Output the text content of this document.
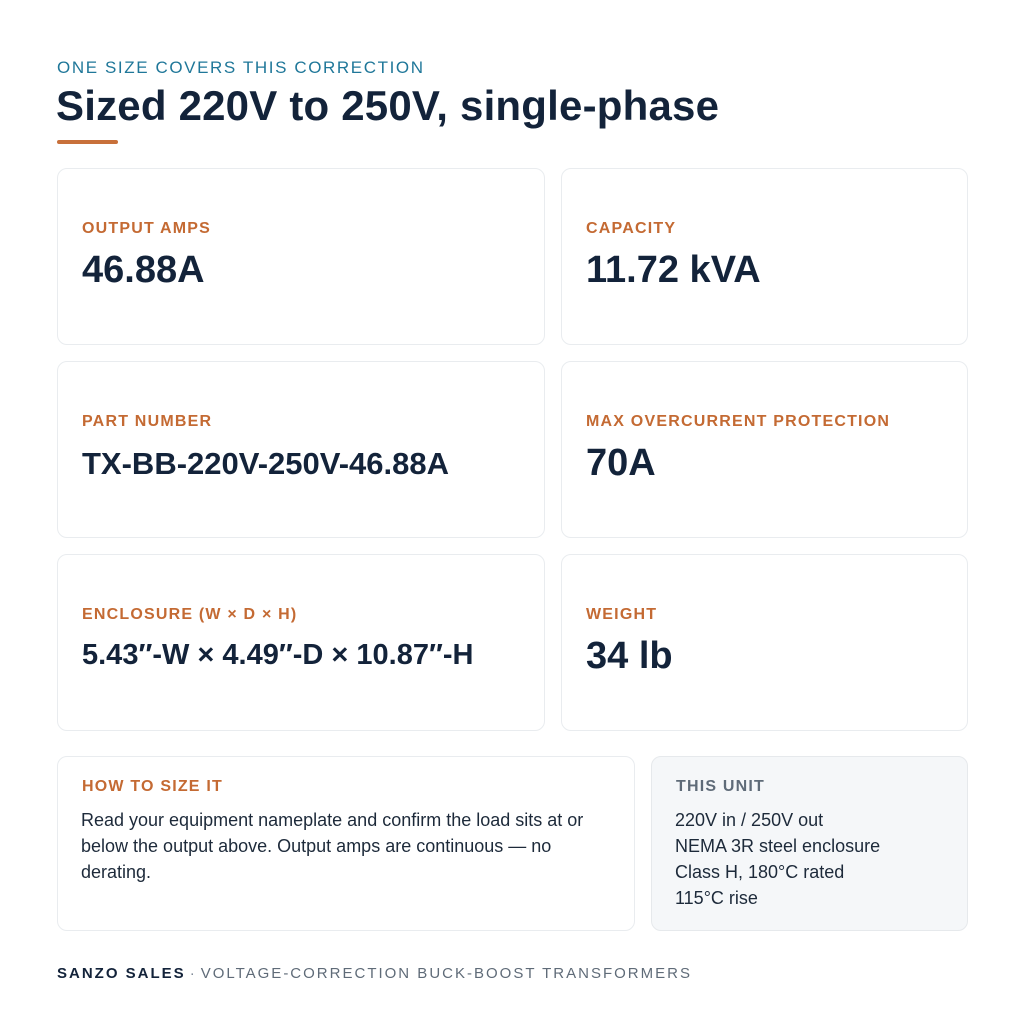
ONE SIZE COVERS THIS CORRECTION
Sized 220V to 250V, single-phase
OUTPUT AMPS
46.88A
CAPACITY
11.72 kVA
PART NUMBER
TX-BB-220V-250V-46.88A
MAX OVERCURRENT PROTECTION
70A
ENCLOSURE (W × D × H)
5.43″-W × 4.49″-D × 10.87″-H
WEIGHT
34 lb
HOW TO SIZE IT
Read your equipment nameplate and confirm the load sits at or below the output above. Output amps are continuous — no derating.
THIS UNIT
220V in / 250V out
NEMA 3R steel enclosure
Class H, 180°C rated
115°C rise
SANZO SALES · VOLTAGE-CORRECTION BUCK-BOOST TRANSFORMERS
